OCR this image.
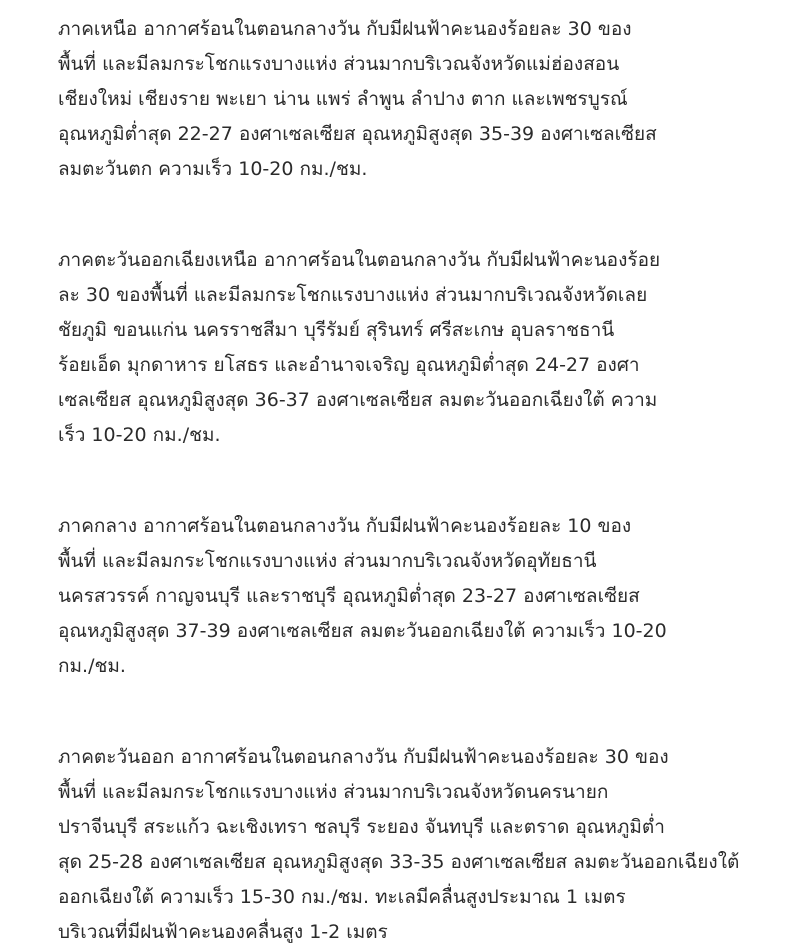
ภาคเหนือ อากาศร้อนในตอนกลางวัน กับมีฝนฟ้าคะนองร้อยละ 30 ของ
พื้นที่ และมีลมกระโชกแรงบางแห่ง ส่วนมากบริเวณจังหวัดแม่ฮ่องสอน
เชียงใหม่ เชียงราย พะเยา น่าน แพร่ ลำพูน ลำปาง ตาก และเพชรบูรณ์
อุณหภูมิต่ำสุด 22-27 องศาเซลเซียส อุณหภูมิสูงสุด 35-39 องศาเซลเซียส
ลมตะวันตก ความเร็ว 10-20 กม./ชม.

ภาคตะวันออกเฉียงเหนือ อากาศร้อนในตอนกลางวัน กับมีฝนฟ้าคะนองร้อย
ละ 30 ของพื้นที่ และมีลมกระโชกแรงบางแห่ง ส่วนมากบริเวณจังหวัดเลย
ชัยภูมิ ขอนแก่น นครราชสีมา บุรีรัมย์ สุรินทร์ ศรีสะเกษ อุบลราชธานี
ร้อยเอ็ด มุกดาหาร ยโสธร และอำนาจเจริญ อุณหภูมิต่ำสุด 24-27 องศา
เซลเซียส อุณหภูมิสูงสุด 36-37 องศาเซลเซียส ลมตะวันออกเฉียงใต้ ความ
เร็ว 10-20 กม./ชม.

ภาคกลาง อากาศร้อนในตอนกลางวัน กับมีฝนฟ้าคะนองร้อยละ 10 ของ
พื้นที่ และมีลมกระโชกแรงบางแห่ง ส่วนมากบริเวณจังหวัดอุทัยธานี
นครสวรรค์ กาญจนบุรี และราชบุรี อุณหภูมิต่ำสุด 23-27 องศาเซลเซียส
อุณหภูมิสูงสุด 37-39 องศาเซลเซียส ลมตะวันออกเฉียงใต้ ความเร็ว 10-20
กม./ชม.

ภาคตะวันออก อากาศร้อนในตอนกลางวัน กับมีฝนฟ้าคะนองร้อยละ 30 ของ
พื้นที่ และมีลมกระโชกแรงบางแห่ง ส่วนมากบริเวณจังหวัดนครนายก
ปราจีนบุรี สระแก้ว ฉะเชิงเทรา ชลบุรี ระยอง จันทบุรี และตราด อุณหภูมิต่ำ
สุด 25-28 องศาเซลเซียส อุณหภูมิสูงสุด 33-35 องศาเซลเซียส ลมตะวันออกเฉียงใต้
ออกเฉียงใต้ ความเร็ว 15-30 กม./ชม. ทะเลมีคลื่นสูงประมาณ 1 เมตร
บริเวณที่มีฝนฟ้าคะนองคลื่นสูง 1-2 เมตร
